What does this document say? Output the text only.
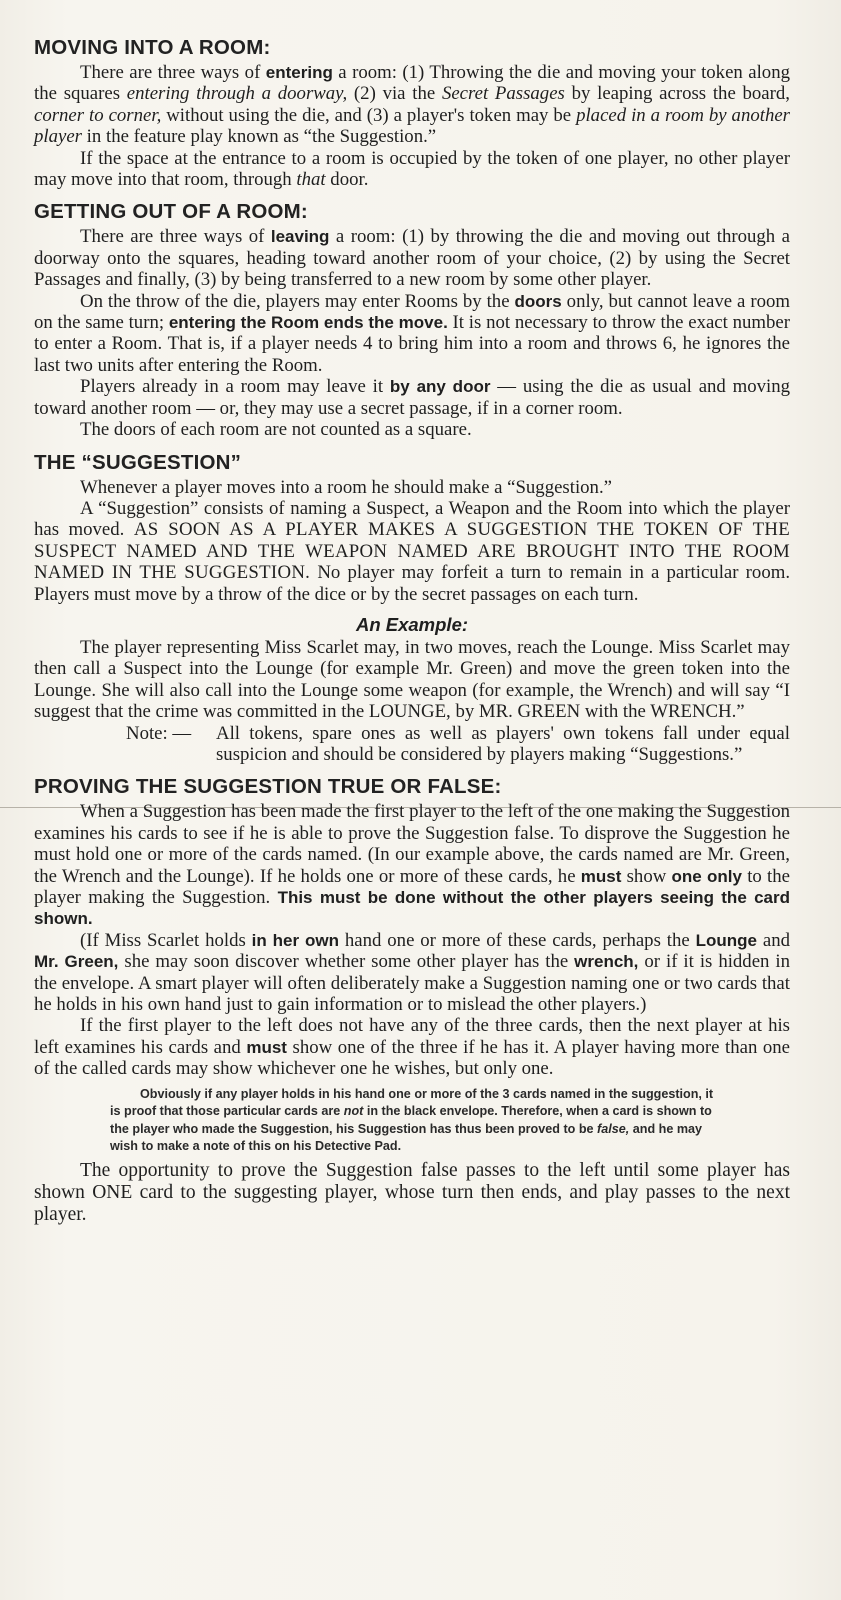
MOVING INTO A ROOM:

There are three ways of entering a room: (1) Throwing the die and moving your token along the squares entering through a doorway, (2) via the Secret Passages by leaping across the board, corner to corner, without using the die, and (3) a player's token may be placed in a room by another player in the feature play known as “the Suggestion.”

If the space at the entrance to a room is occupied by the token of one player, no other player may move into that room, through that door.

GETTING OUT OF A ROOM:

There are three ways of leaving a room: (1) by throwing the die and moving out through a doorway onto the squares, heading toward another room of your choice, (2) by using the Secret Passages and finally, (3) by being transferred to a new room by some other player.

On the throw of the die, players may enter Rooms by the doors only, but cannot leave a room on the same turn; entering the Room ends the move. It is not necessary to throw the exact number to enter a Room. That is, if a player needs 4 to bring him into a room and throws 6, he ignores the last two units after entering the Room.

Players already in a room may leave it by any door — using the die as usual and moving toward another room — or, they may use a secret passage, if in a corner room.

The doors of each room are not counted as a square.

THE “SUGGESTION”

Whenever a player moves into a room he should make a “Suggestion.”

A “Suggestion” consists of naming a Suspect, a Weapon and the Room into which the player has moved. AS SOON AS A PLAYER MAKES A SUGGESTION THE TOKEN OF THE SUSPECT NAMED AND THE WEAPON NAMED ARE BROUGHT INTO THE ROOM NAMED IN THE SUGGESTION. No player may forfeit a turn to remain in a particular room. Players must move by a throw of the dice or by the secret passages on each turn.

An Example:

The player representing Miss Scarlet may, in two moves, reach the Lounge. Miss Scarlet may then call a Suspect into the Lounge (for example Mr. Green) and move the green token into the Lounge. She will also call into the Lounge some weapon (for example, the Wrench) and will say “I suggest that the crime was committed in the LOUNGE, by MR. GREEN with the WRENCH.”

Note: —	All tokens, spare ones as well as players' own tokens fall under equal suspicion and should be considered by players making “Suggestions.”
PROVING THE SUGGESTION TRUE OR FALSE:

When a Suggestion has been made the first player to the left of the one making the Suggestion examines his cards to see if he is able to prove the Suggestion false. To disprove the Suggestion he must hold one or more of the cards named. (In our example above, the cards named are Mr. Green, the Wrench and the Lounge). If he holds one or more of these cards, he must show one only to the player making the Suggestion. This must be done without the other players seeing the card shown.

(If Miss Scarlet holds in her own hand one or more of these cards, perhaps the Lounge and Mr. Green, she may soon discover whether some other player has the wrench, or if it is hidden in the envelope. A smart player will often deliberately make a Suggestion naming one or two cards that he holds in his own hand just to gain information or to mislead the other players.)

If the first player to the left does not have any of the three cards, then the next player at his left examines his cards and must show one of the three if he has it. A player having more than one of the called cards may show whichever one he wishes, but only one.

Obviously if any player holds in his hand one or more of the 3 cards named in the suggestion, it is proof that those particular cards are not in the black envelope. Therefore, when a card is shown to the player who made the Suggestion, his Suggestion has thus been proved to be false, and he may wish to make a note of this on his Detective Pad.

The opportunity to prove the Suggestion false passes to the left until some player has shown ONE card to the suggesting player, whose turn then ends, and play passes to the next player.
